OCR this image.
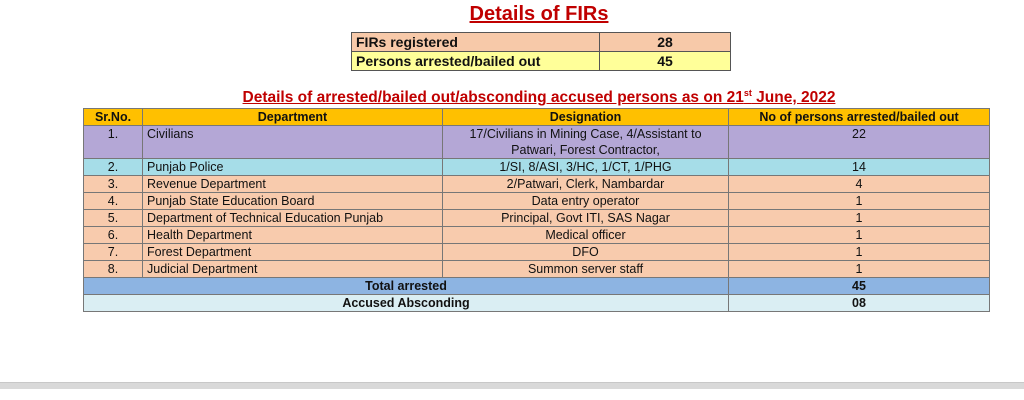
Details of FIRs
FIRs registered	28
Persons arrested/bailed out	45
Details of arrested/bailed out/absconding accused persons as on 21st June, 2022
Sr.No.	Department	Designation	No of persons arrested/bailed out
1.	Civilians	17/Civilians in Mining Case, 4/Assistant to Patwari, Forest Contractor,	22
2.	Punjab Police	1/SI, 8/ASI, 3/HC, 1/CT, 1/PHG	14
3.	Revenue Department	2/Patwari, Clerk, Nambardar	4
4.	Punjab State Education Board	Data entry operator	1
5.	Department of Technical Education Punjab	Principal, Govt ITI, SAS Nagar	1
6.	Health Department	Medical officer	1
7.	Forest Department	DFO	1
8.	Judicial Department	Summon server staff	1
Total arrested			45
Accused Absconding			08
